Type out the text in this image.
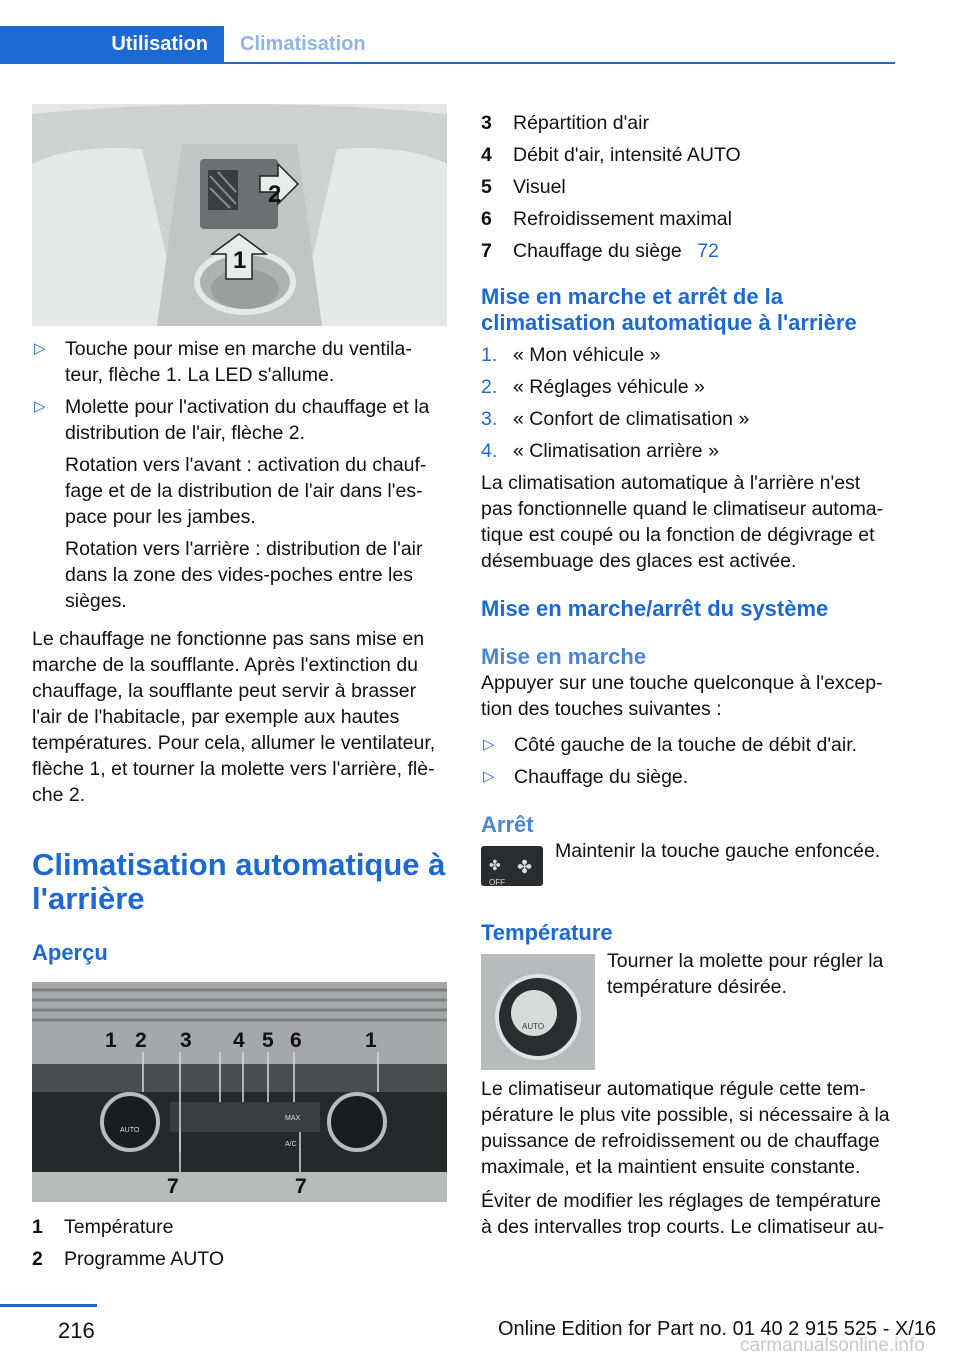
Utilisation	Climatisation
1
2
▷ Touche pour mise en marche du ventila‐teur, flèche 1. La LED s'allume.
▷ Molette pour l'activation du chauffage et la distribution de l'air, flèche 2.

Rotation vers l'avant : activation du chauf‐fage et de la distribution de l'air dans l'es‐pace pour les jambes.

Rotation vers l'arrière : distribution de l'air dans la zone des vides-poches entre les sièges.

Le chauffage ne fonctionne pas sans mise en marche de la soufflante. Après l'extinction du chauffage, la soufflante peut servir à brasser l'air de l'habitacle, par exemple aux hautes températures. Pour cela, allumer le ventilateur, flèche 1, et tourner la molette vers l'arrière, flè‐che 2.

Climatisation automatique à l'arrière
Aperçu
1 2 3 4 5 6	1
AUTO
MAX A/C
7	7
1 Température
2 Programme AUTO
3 Répartition d'air
4 Débit d'air, intensité AUTO
5 Visuel
6 Refroidissement maximal
7 Chauffage du siège 72
Mise en marche et arrêt de la climatisation automatique à l'arrière
1. « Mon véhicule »
2. « Réglages véhicule »
3. « Confort de climatisation »
4. « Climatisation arrière »

La climatisation automatique à l'arrière n'est pas fonctionnelle quand le climatiseur automa‐tique est coupé ou la fonction de dégivrage et désembuage des glaces est activée.

Mise en marche/arrêt du système
Mise en marche

Appuyer sur une touche quelconque à l'excep‐tion des touches suivantes :

▷ Côté gauche de la touche de débit d'air.
▷ Chauffage du siège.
Arrêt
OFF
✤
✤
Maintenir la touche gauche enfoncée.
Température
AUTO
Tourner la molette pour régler la température désirée.

Le climatiseur automatique régule cette tem‐pérature le plus vite possible, si nécessaire à la puissance de refroidissement ou de chauffage maximale, et la maintient ensuite constante.

Éviter de modifier les réglages de température à des intervalles trop courts. Le climatiseur au‐

216	Online Edition for Part no. 01 40 2 915 525 - X/16
carmanualsonline.info
